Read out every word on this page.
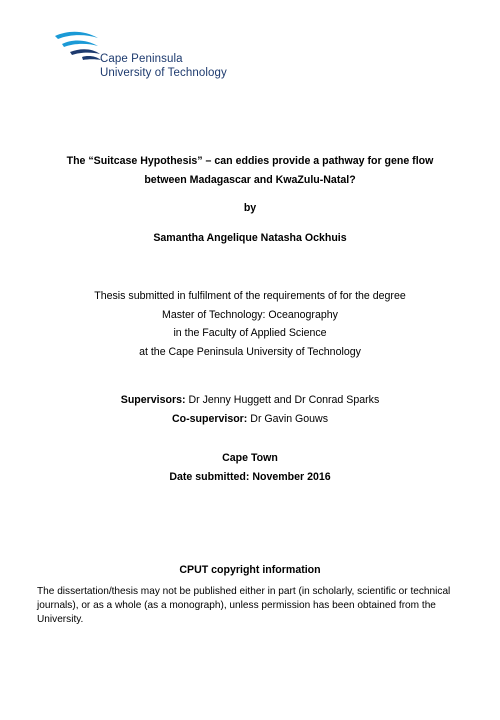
Cape Peninsula
University of Technology
The “Suitcase Hypothesis” – can eddies provide a pathway for gene flow
between Madagascar and KwaZulu-Natal?
by
Samantha Angelique Natasha Ockhuis
Thesis submitted in fulfilment of the requirements of for the degree
Master of Technology: Oceanography
in the Faculty of Applied Science
at the Cape Peninsula University of Technology
Supervisors: Dr Jenny Huggett and Dr Conrad Sparks
Co-supervisor: Dr Gavin Gouws
Cape Town
Date submitted: November 2016
CPUT copyright information
The dissertation/thesis may not be published either in part (in scholarly, scientific or technical journals), or as a whole (as a monograph), unless permission has been obtained from the University.
